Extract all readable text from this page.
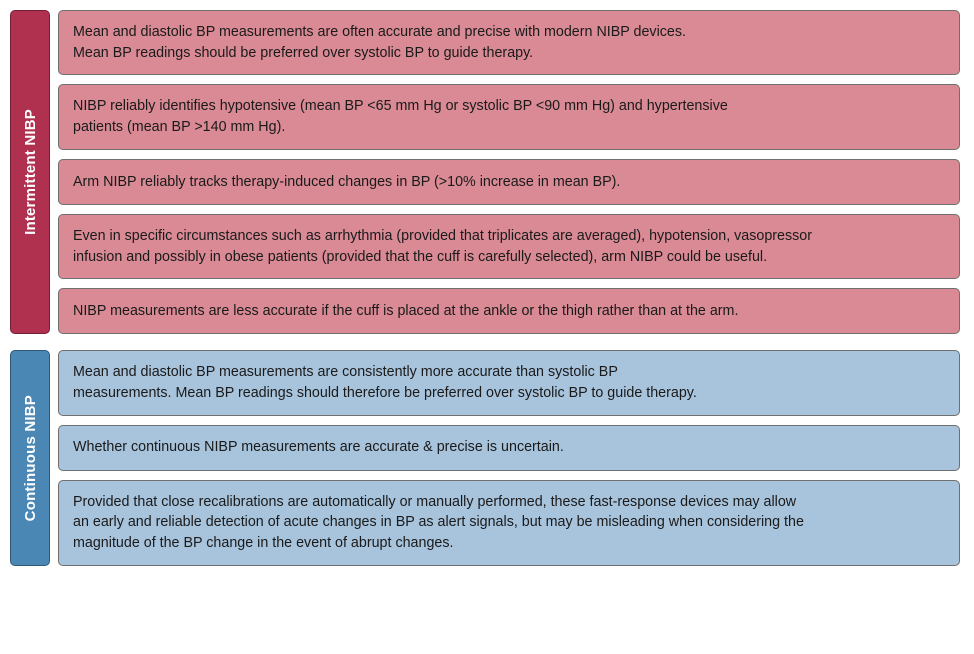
Intermittent NIBP
Mean and diastolic BP measurements are often accurate and precise with modern NIBP devices.
Mean BP readings should be preferred over systolic BP to guide therapy.
NIBP reliably identifies hypotensive (mean BP <65 mm Hg or systolic BP <90 mm Hg) and hypertensive
patients (mean BP >140 mm Hg).
Arm NIBP reliably tracks therapy-induced changes in BP (>10% increase in mean BP).
Even in specific circumstances such as arrhythmia (provided that triplicates are averaged), hypotension, vasopressor
infusion and possibly in obese patients (provided that the cuff is carefully selected), arm NIBP could be useful.
NIBP measurements are less accurate if the cuff is placed at the ankle or the thigh rather than at the arm.
Continuous NIBP
Mean and diastolic BP measurements are consistently more accurate than systolic BP
measurements. Mean BP readings should therefore be preferred over systolic BP to guide therapy.
Whether continuous NIBP measurements are accurate & precise is uncertain.
Provided that close recalibrations are automatically or manually performed, these fast-response devices may allow
an early and reliable detection of acute changes in BP as alert signals, but may be misleading when considering the
magnitude of the BP change in the event of abrupt changes.
